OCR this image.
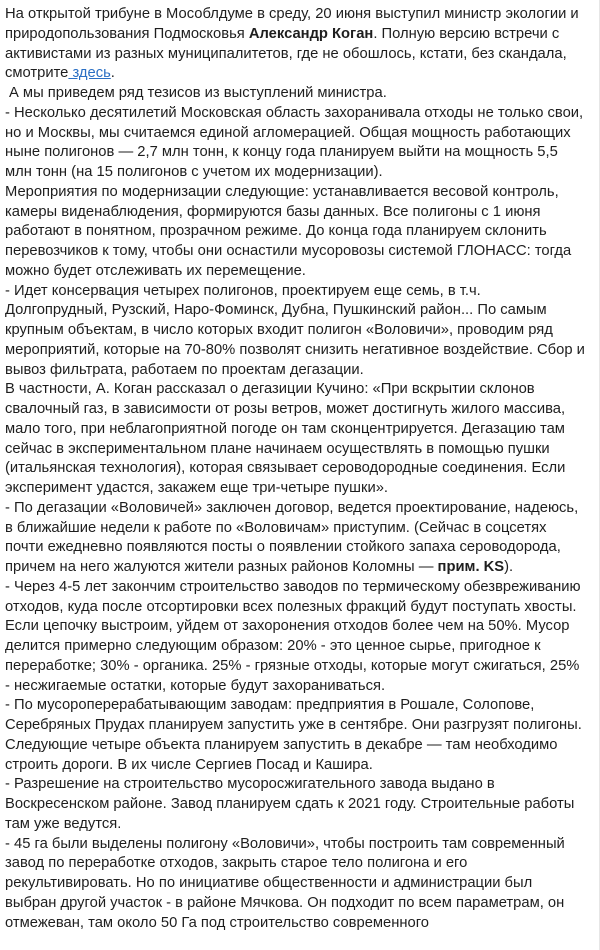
На открытой трибуне в Мособлдуме в среду, 20 июня выступил министр экологии и природопользования Подмосковья Александр Коган. Полную версию встречи с активистами из разных муниципалитетов, где не обошлось, кстати, без скандала, смотрите здесь.

А мы приведем ряд тезисов из выступлений министра.

- Несколько десятилетий Московская область захоранивала отходы не только свои, но и Москвы, мы считаемся единой агломерацией. Общая мощность работающих ныне полигонов — 2,7 млн тонн, к концу года планируем выйти на мощность 5,5 млн тонн (на 15 полигонов с учетом их модернизации).

Мероприятия по модернизации следующие: устанавливается весовой контроль, камеры виденаблюдения, формируются базы данных. Все полигоны с 1 июня работают в понятном, прозрачном режиме. До конца года планируем склонить перевозчиков к тому, чтобы они оснастили мусоровозы системой ГЛОНАСС: тогда можно будет отслеживать их перемещение.

- Идет консервация четырех полигонов, проектируем еще семь, в т.ч. Долгопрудный, Рузский, Наро-Фоминск, Дубна, Пушкинский район... По самым крупным объектам, в число которых входит полигон «Воловичи», проводим ряд мероприятий, которые на 70-80% позволят снизить негативное воздействие. Сбор и вывоз фильтрата, работаем по проектам дегазации.

В частности, А. Коган рассказал о дегазиции Кучино: «При вскрытии склонов свалочный газ, в зависимости от розы ветров, может достигнуть жилого массива, мало того, при неблагоприятной погоде он там сконцентрируется. Дегазацию там сейчас в экспериментальном плане начинаем осуществлять в помощью пушки (итальянская технология), которая связывает сероводородные соединения. Если эксперимент удастся, закажем еще три-четыре пушки».

- По дегазации «Воловичей» заключен договор, ведется проектирование, надеюсь, в ближайшие недели к работе по «Воловичам» приступим. (Сейчас в соцсетях почти ежедневно появляются посты о появлении стойкого запаха сероводорода, причем на него жалуются жители разных районов Коломны — прим. KS).

- Через 4-5 лет закончим строительство заводов по термическому обезвреживанию отходов, куда после отсортировки всех полезных фракций будут поступать хвосты. Если цепочку выстроим, уйдем от захоронения отходов более чем на 50%. Мусор делится примерно следующим образом: 20% - это ценное сырье, пригодное к переработке; 30% - органика. 25% - грязные отходы, которые могут сжигаться, 25% - несжигаемые остатки, которые будут захораниваться.

- По мусороперерабатывающим заводам: предприятия в Рошале, Солопове, Серебряных Прудах планируем запустить уже в сентябре. Они разгрузят полигоны. Следующие четыре объекта планируем запустить в декабре — там необходимо строить дороги. В их числе Сергиев Посад и Кашира.

- Разрешение на строительство мусоросжигательного завода выдано в Воскресенском районе. Завод планируем сдать к 2021 году. Строительные работы там уже ведутся.

- 45 га были выделены полигону «Воловичи», чтобы построить там современный завод по переработке отходов, закрыть старое тело полигона и его рекультивировать. Но по инициативе общественности и администрации был выбран другой участок - в районе Мячкова. Он подходит по всем параметрам, он отмежеван, там около 50 Га под строительство современного
